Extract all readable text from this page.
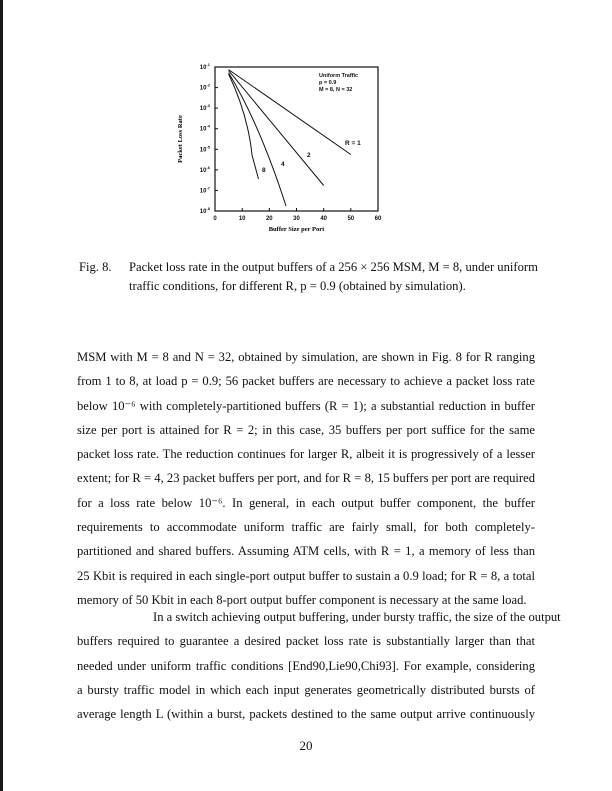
$10^{-1}$
$10^{-2}$
$10^{-3}$
$10^{-4}$
$10^{-5}$
$10^{-6}$
$10^{-7}$
$10^{-8}$
0	10	20	30	40	50	60
Buffer Size per Port
Packet Loss Rate
Uniform Traffic
p = 0.9
M = 8, N = 32
R = 1
2
4
8
Fig. 8. Packet loss rate in the output buffers of a 256 × 256 MSM, M = 8, under uniform
traffic conditions, for different R, p = 0.9 (obtained by simulation).
MSM with M = 8 and N = 32, obtained by simulation, are shown in Fig. 8 for R ranging
from 1 to 8, at load p = 0.9; 56 packet buffers are necessary to achieve a packet loss rate
below 10⁻⁶ with completely-partitioned buffers (R = 1); a substantial reduction in buffer
size per port is attained for R = 2; in this case, 35 buffers per port suffice for the same
packet loss rate. The reduction continues for larger R, albeit it is progressively of a lesser
extent; for R = 4, 23 packet buffers per port, and for R = 8, 15 buffers per port are required
for a loss rate below 10⁻⁶. In general, in each output buffer component, the buffer
requirements to accommodate uniform traffic are fairly small, for both completely-
partitioned and shared buffers. Assuming ATM cells, with R = 1, a memory of less than
25 Kbit is required in each single-port output buffer to sustain a 0.9 load; for R = 8, a total
memory of 50 Kbit in each 8-port output buffer component is necessary at the same load.
In a switch achieving output buffering, under bursty traffic, the size of the output
buffers required to guarantee a desired packet loss rate is substantially larger than that
needed under uniform traffic conditions [End90,Lie90,Chi93]. For example, considering
a bursty traffic model in which each input generates geometrically distributed bursts of
average length L (within a burst, packets destined to the same output arrive continuously
20
